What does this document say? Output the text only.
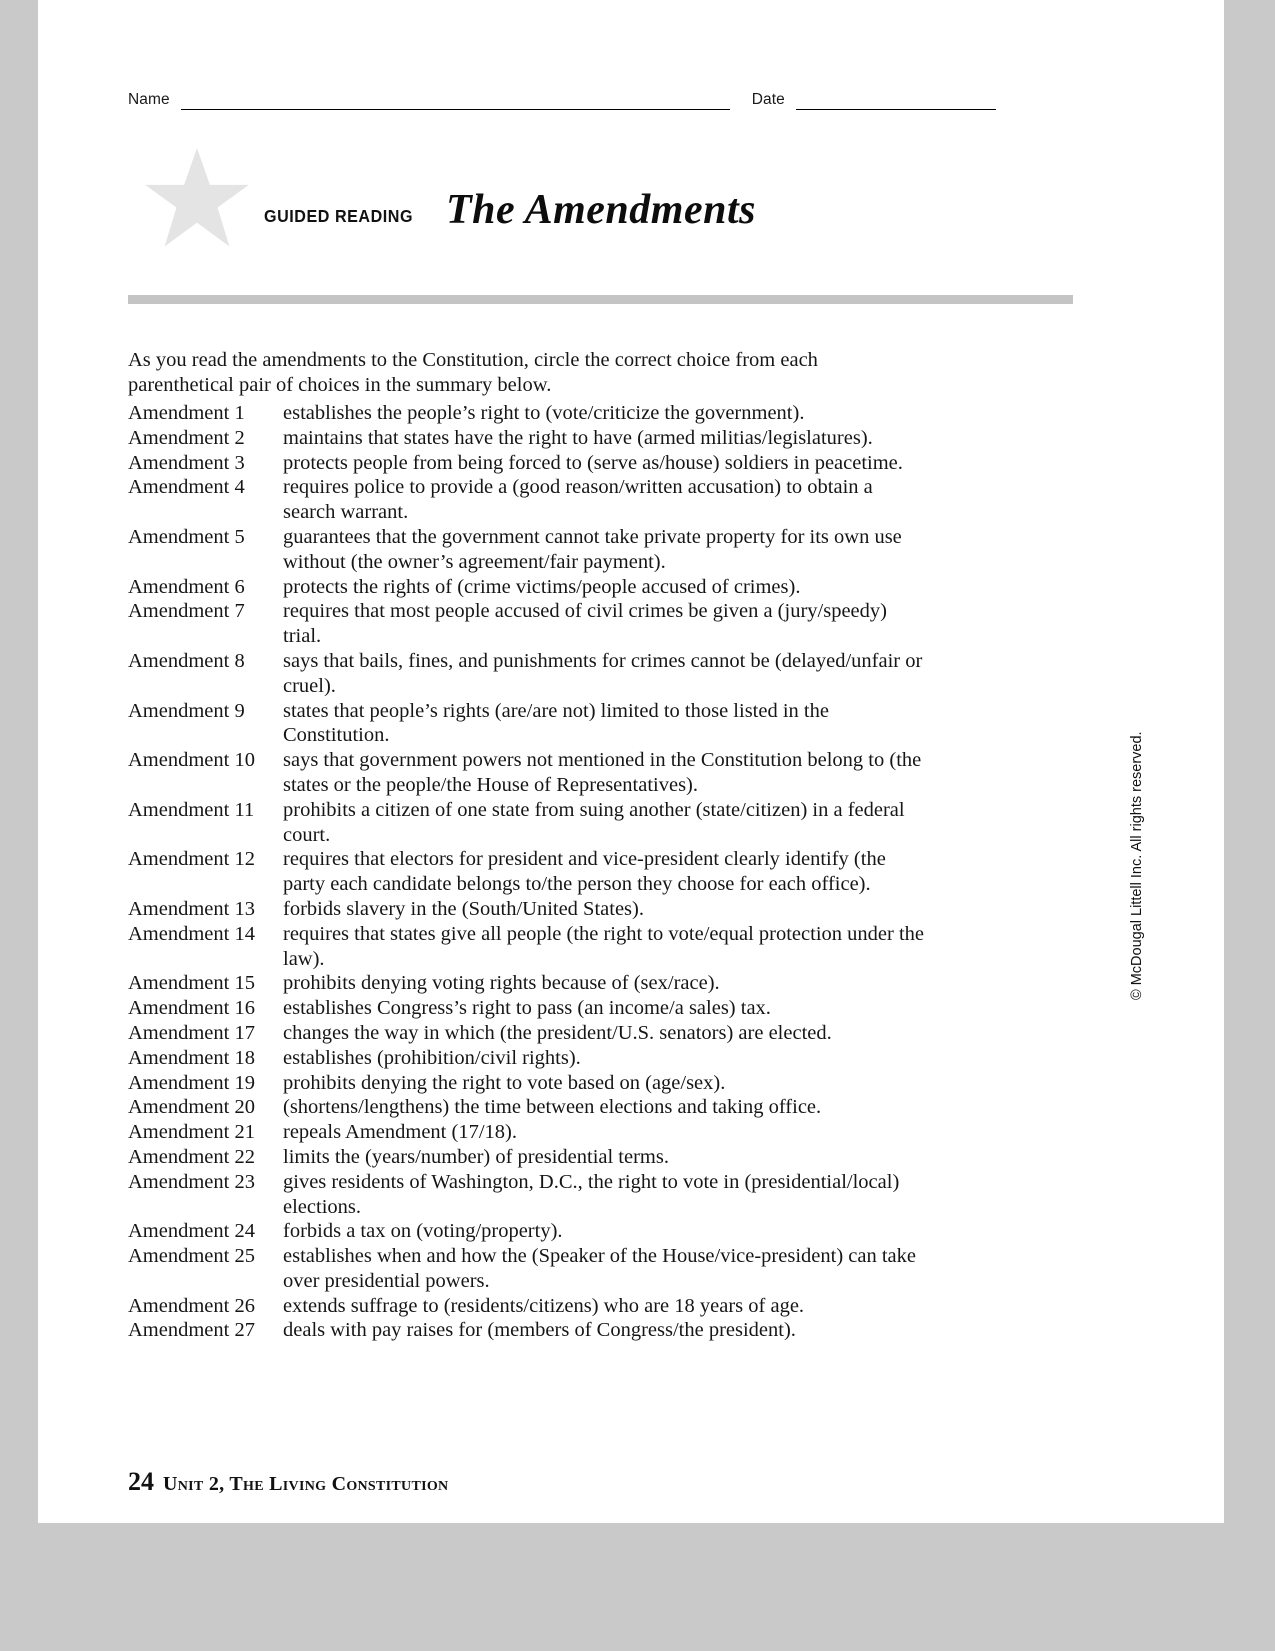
Name	Date
GUIDED READING The Amendments

As you read the amendments to the Constitution, circle the correct choice from each parenthetical pair of choices in the summary below.

Amendment 1	establishes the people’s right to (vote/criticize the government).
Amendment 2	maintains that states have the right to have (armed militias/legislatures).
Amendment 3	protects people from being forced to (serve as/house) soldiers in peacetime.
Amendment 4	requires police to provide a (good reason/written accusation) to obtain a search warrant.
Amendment 5	guarantees that the government cannot take private property for its own use without (the owner’s agreement/fair payment).
Amendment 6	protects the rights of (crime victims/people accused of crimes).
Amendment 7	requires that most people accused of civil crimes be given a (jury/speedy) trial.
Amendment 8	says that bails, fines, and punishments for crimes cannot be (delayed/unfair or cruel).
Amendment 9	states that people’s rights (are/are not) limited to those listed in the Constitution.
Amendment 10	says that government powers not mentioned in the Constitution belong to (the states or the people/the House of Representatives).
Amendment 11	prohibits a citizen of one state from suing another (state/citizen) in a federal court.
Amendment 12	requires that electors for president and vice-president clearly identify (the party each candidate belongs to/the person they choose for each office).
Amendment 13	forbids slavery in the (South/United States).
Amendment 14	requires that states give all people (the right to vote/equal protection under the law).
Amendment 15	prohibits denying voting rights because of (sex/race).
Amendment 16	establishes Congress’s right to pass (an income/a sales) tax.
Amendment 17	changes the way in which (the president/U.S. senators) are elected.
Amendment 18	establishes (prohibition/civil rights).
Amendment 19	prohibits denying the right to vote based on (age/sex).
Amendment 20	(shortens/lengthens) the time between elections and taking office.
Amendment 21	repeals Amendment (17/18).
Amendment 22	limits the (years/number) of presidential terms.
Amendment 23	gives residents of Washington, D.C., the right to vote in (presidential/local) elections.
Amendment 24	forbids a tax on (voting/property).
Amendment 25	establishes when and how the (Speaker of the House/vice-president) can take over presidential powers.
Amendment 26	extends suffrage to (residents/citizens) who are 18 years of age.
Amendment 27	deals with pay raises for (members of Congress/the president).
24 Unit 2, The Living Constitution
© McDougal Littell Inc. All rights reserved.
